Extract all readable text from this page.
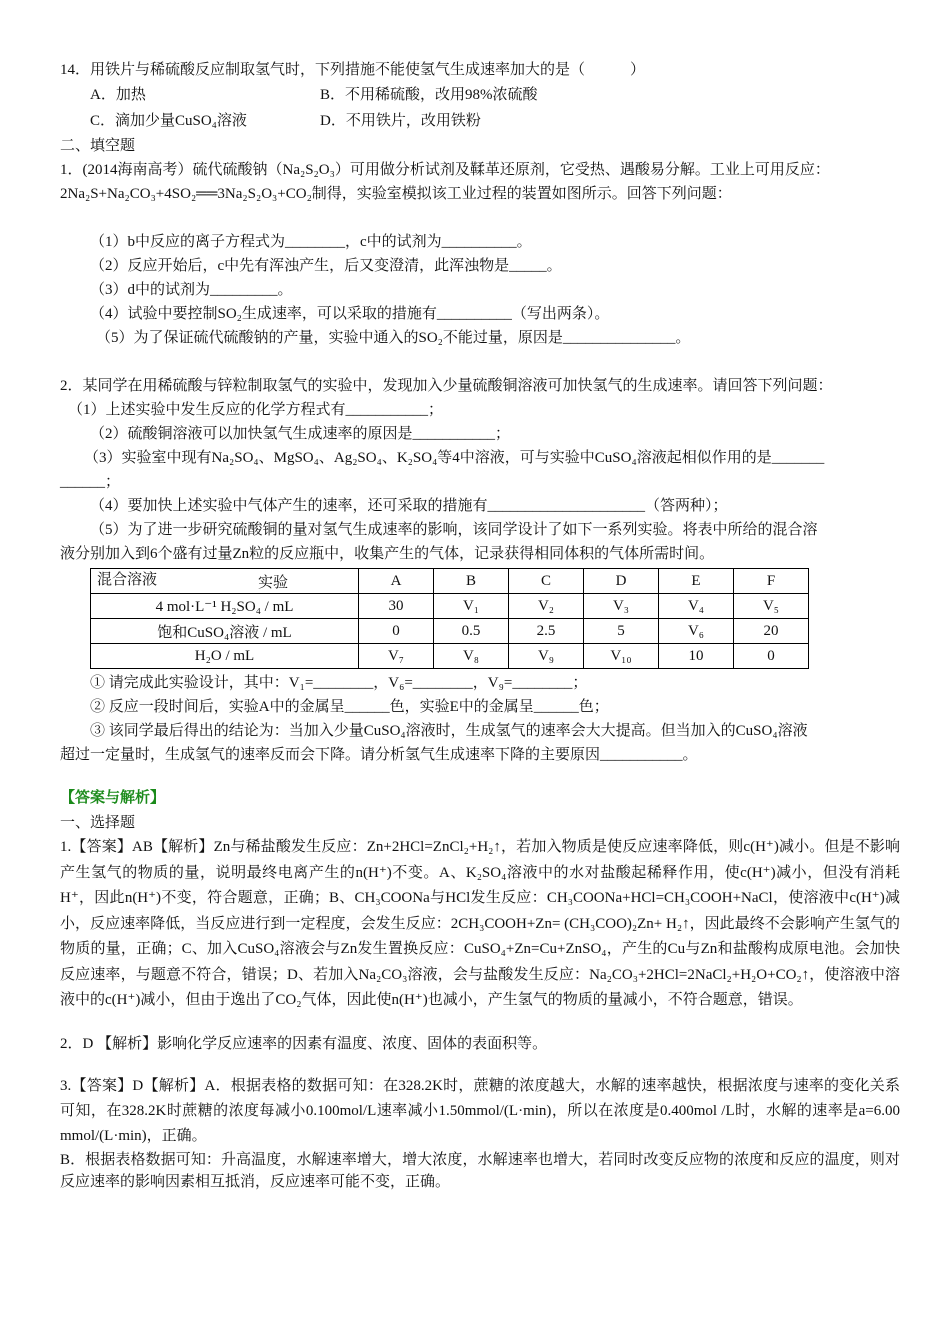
14．用铁片与稀硫酸反应制取氢气时，下列措施不能使氢气生成速率加大的是（　　　）
A．加热	B．不用稀硫酸，改用98%浓硫酸
C．滴加少量CuSO₄溶液	D．不用铁片，改用铁粉
二、填空题
1．(2014海南高考）硫代硫酸钠（Na₂S₂O₃）可用做分析试剂及鞣革还原剂，它受热、遇酸易分解。工业上可用反应：
2Na₂S+Na₂CO₃+4SO₂══3Na₂S₂O₃+CO₂制得，实验室模拟该工业过程的装置如图所示。回答下列问题：
（1）b中反应的离子方程式为________，c中的试剂为__________。
（2）反应开始后，c中先有浑浊产生，后又变澄清，此浑浊物是_____。
（3）d中的试剂为_________。
（4）试验中要控制SO₂生成速率，可以采取的措施有__________（写出两条）。
（5）为了保证硫代硫酸钠的产量，实验中通入的SO₂不能过量，原因是_______________。
2．某同学在用稀硫酸与锌粒制取氢气的实验中，发现加入少量硫酸铜溶液可加快氢气的生成速率。请回答下列问题：
（1）上述实验中发生反应的化学方程式有___________；
（2）硫酸铜溶液可以加快氢气生成速率的原因是___________；
（3）实验室中现有Na₂SO₄、MgSO₄、Ag₂SO₄、K₂SO₄等4中溶液，可与实验中CuSO₄溶液起相似作用的是_______
______；
（4）要加快上述实验中气体产生的速率，还可采取的措施有_____________________（答两种）；
（5）为了进一步研究硫酸铜的量对氢气生成速率的影响，该同学设计了如下一系列实验。将表中所给的混合溶
液分别加入到6个盛有过量Zn粒的反应瓶中，收集产生的气体，记录获得相同体积的气体所需时间。
实验
混合溶液	A	B	C	D	E	F
4 mol·L⁻¹ H₂SO₄ / mL	30	V₁	V₂	V₃	V₄	V₅
饱和CuSO₄溶液 / mL	0	0.5	2.5	5	V₆	20
H₂O / mL	V₇	V₈	V₉	V₁₀	10	0
① 请完成此实验设计，其中：V₁=________，V₆=________，V₉=________；
② 反应一段时间后，实验A中的金属呈______色，实验E中的金属呈______色；
③ 该同学最后得出的结论为：当加入少量CuSO₄溶液时，生成氢气的速率会大大提高。但当加入的CuSO₄溶液
超过一定量时，生成氢气的速率反而会下降。请分析氢气生成速率下降的主要原因___________。
【答案与解析】
一、选择题
1.【答案】AB【解析】Zn与稀盐酸发生反应：Zn+2HCl=ZnCl₂+H₂↑，若加入物质是使反应速率降低，则c(H⁺)减小。但是不影响产生氢气的物质的量，说明最终电离产生的n(H⁺)不变。A、K₂SO₄溶液中的水对盐酸起稀释作用，使c(H⁺)减小，但没有消耗H⁺，因此n(H⁺)不变，符合题意，正确；B、CH₃COONa与HCl发生反应：CH₃COONa+HCl=CH₃COOH+NaCl，使溶液中c(H⁺)减小，反应速率降低，当反应进行到一定程度，会发生反应：2CH₃COOH+Zn= (CH₃COO)₂Zn+ H₂↑，因此最终不会影响产生氢气的物质的量，正确；C、加入CuSO₄溶液会与Zn发生置换反应：CuSO₄+Zn=Cu+ZnSO₄，产生的Cu与Zn和盐酸构成原电池。会加快反应速率，与题意不符合，错误；D、若加入Na₂CO₃溶液，会与盐酸发生反应：Na₂CO₃+2HCl=2NaCl₂+H₂O+CO₂↑，使溶液中溶液中的c(H⁺)减小，但由于逸出了CO₂气体，因此使n(H⁺)也减小，产生氢气的物质的量减小，不符合题意，错误。
2．D 【解析】影响化学反应速率的因素有温度、浓度、固体的表面积等。
3.【答案】D【解析】A．根据表格的数据可知：在328.2K时，蔗糖的浓度越大，水解的速率越快，根据浓度与速率的变化关系可知，在328.2K时蔗糖的浓度每减小0.100mol/L速率减小1.50mmol/(L·min)，所以在浓度是0.400mol /L时，水解的速率是a=6.00 mmol/(L·min)，正确。
B．根据表格数据可知：升高温度，水解速率增大，增大浓度，水解速率也增大，若同时改变反应物的浓度和反应的温度，则对反应速率的影响因素相互抵消，反应速率可能不变，正确。
